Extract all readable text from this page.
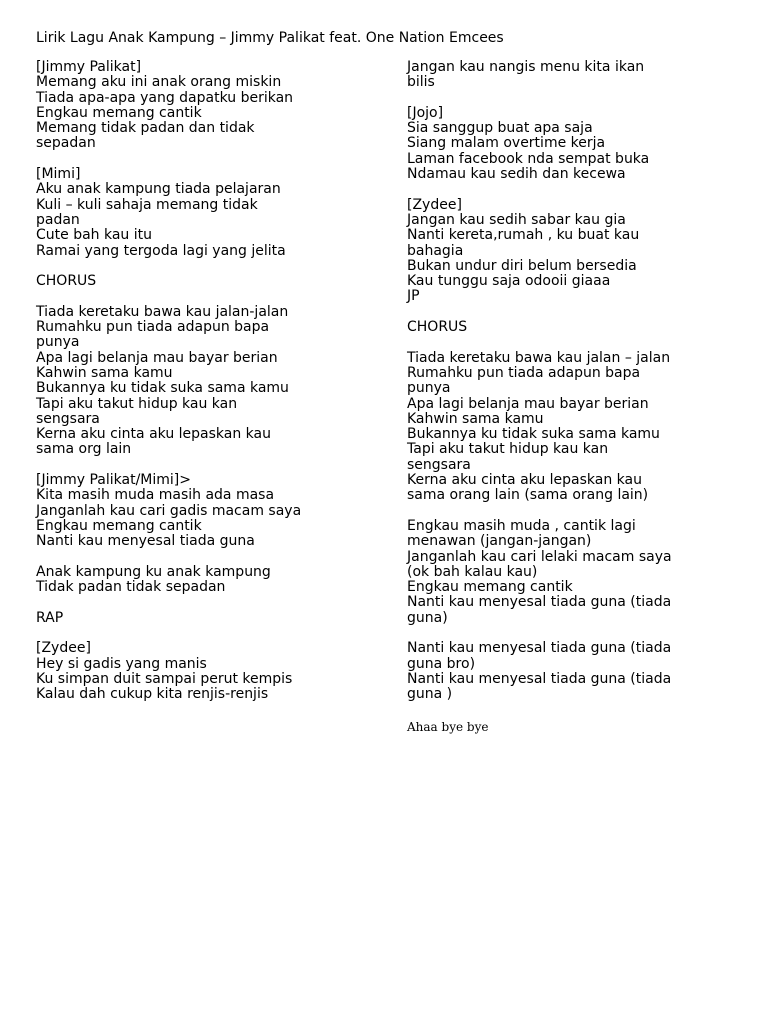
Lirik Lagu Anak Kampung – Jimmy Palikat feat. One Nation Emcees
[Jimmy Palikat]
Memang aku ini anak orang miskin
Tiada apa-apa yang dapatku berikan
Engkau memang cantik
Memang tidak padan dan tidak
sepadan
[Mimi]
Aku anak kampung tiada pelajaran
Kuli – kuli sahaja memang tidak
padan
Cute bah kau itu
Ramai yang tergoda lagi yang jelita
CHORUS
Tiada keretaku bawa kau jalan-jalan
Rumahku pun tiada adapun bapa
punya
Apa lagi belanja mau bayar berian
Kahwin sama kamu
Bukannya ku tidak suka sama kamu
Tapi aku takut hidup kau kan
sengsara
Kerna aku cinta aku lepaskan kau
sama org lain
[Jimmy Palikat/Mimi]>
Kita masih muda masih ada masa
Janganlah kau cari gadis macam saya
Engkau memang cantik
Nanti kau menyesal tiada guna
Anak kampung ku anak kampung
Tidak padan tidak sepadan
RAP
[Zydee]
Hey si gadis yang manis
Ku simpan duit sampai perut kempis
Kalau dah cukup kita renjis-renjis
Jangan kau nangis menu kita ikan
bilis
[Jojo]
Sia sanggup buat apa saja
Siang malam overtime kerja
Laman facebook nda sempat buka
Ndamau kau sedih dan kecewa
[Zydee]
Jangan kau sedih sabar kau gia
Nanti kereta,rumah , ku buat kau
bahagia
Bukan undur diri belum bersedia
Kau tunggu saja odooii giaaa
JP
CHORUS
Tiada keretaku bawa kau jalan – jalan
Rumahku pun tiada adapun bapa
punya
Apa lagi belanja mau bayar berian
Kahwin sama kamu
Bukannya ku tidak suka sama kamu
Tapi aku takut hidup kau kan
sengsara
Kerna aku cinta aku lepaskan kau
sama orang lain (sama orang lain)
Engkau masih muda , cantik lagi
menawan (jangan-jangan)
Janganlah kau cari lelaki macam saya
(ok bah kalau kau)
Engkau memang cantik
Nanti kau menyesal tiada guna (tiada
guna)
Nanti kau menyesal tiada guna (tiada
guna bro)
Nanti kau menyesal tiada guna (tiada
guna )
Ahaa bye bye
